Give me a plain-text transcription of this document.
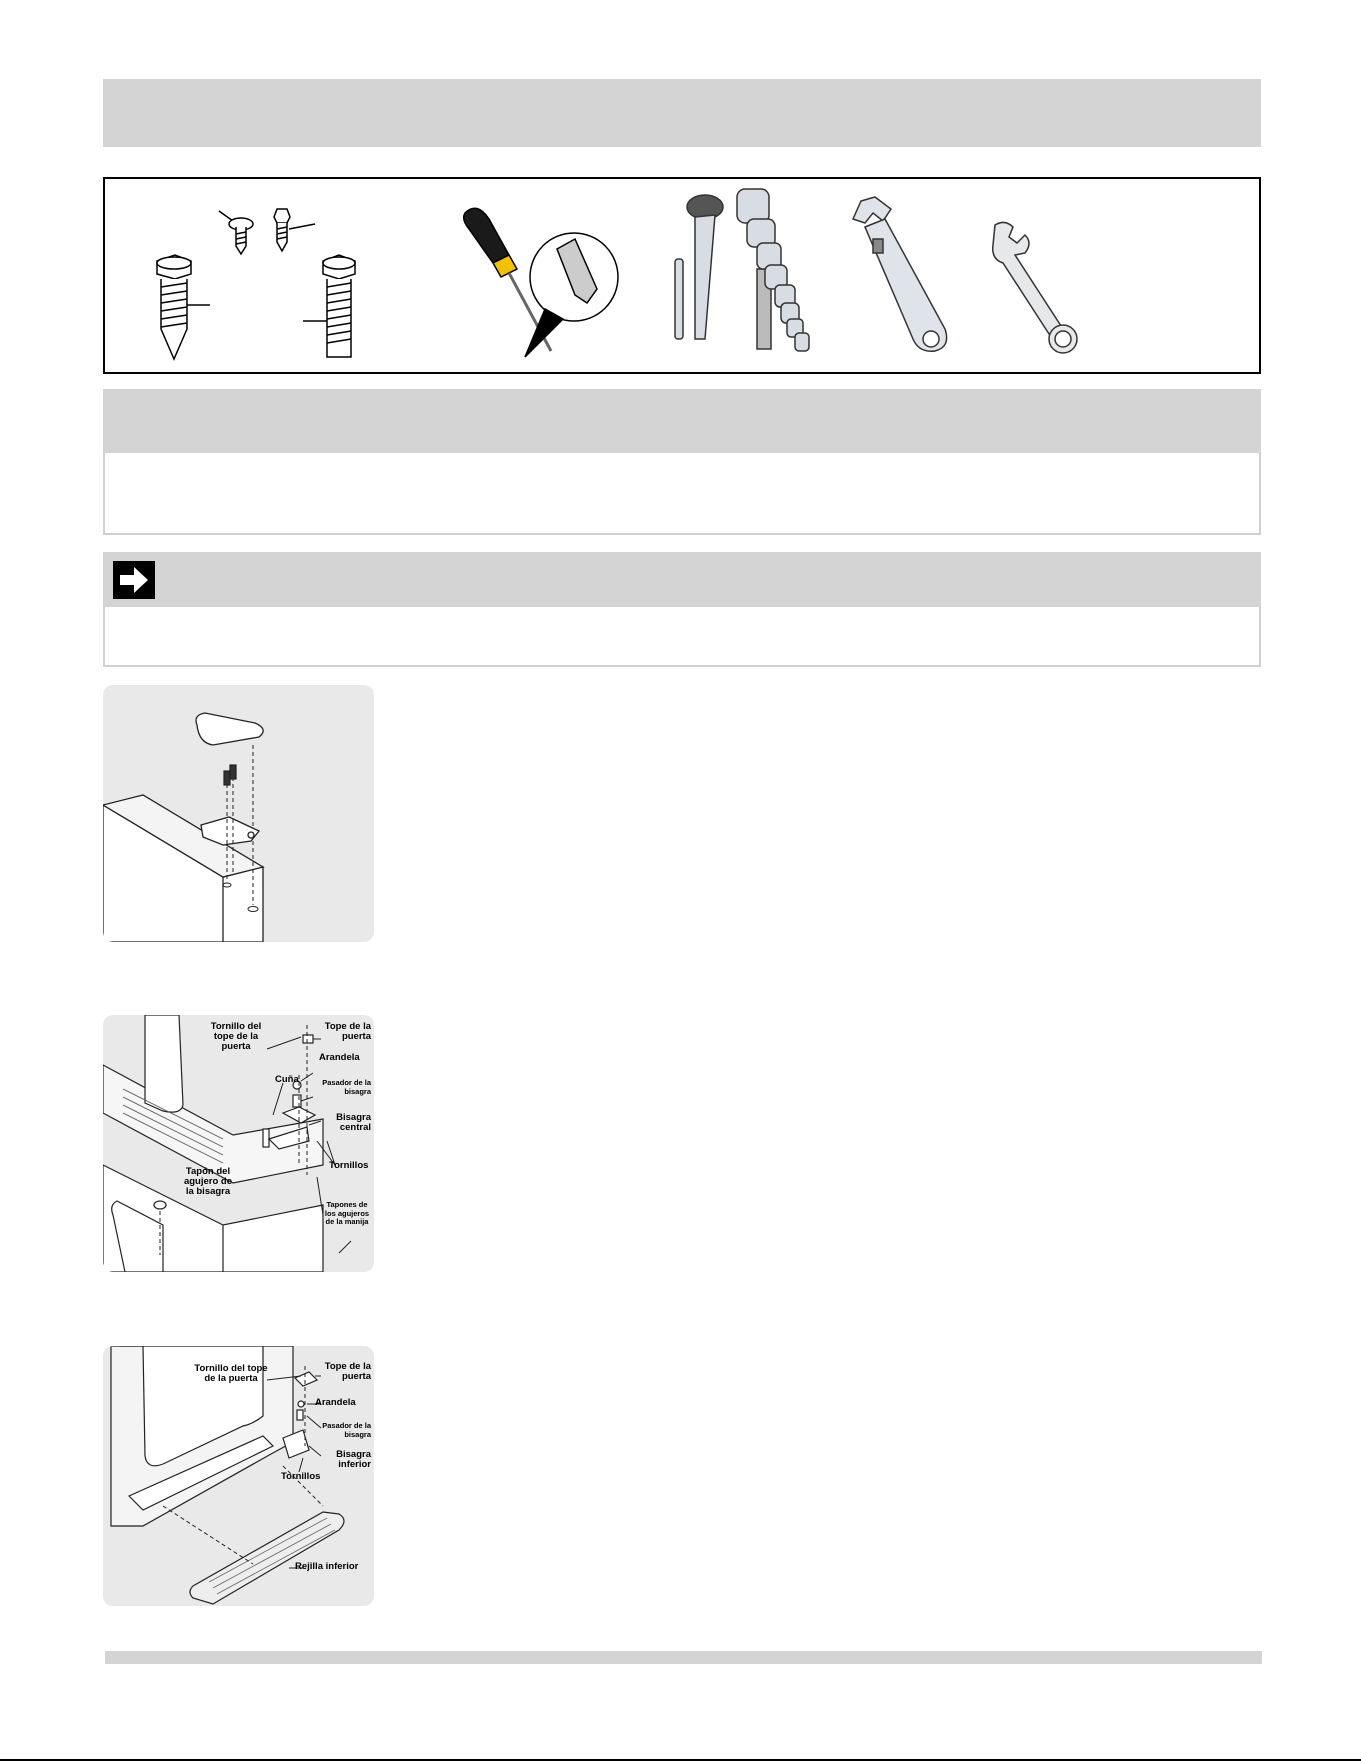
Tornillo del tope de la puerta
Tope de la puerta
Arandela
Cuña	Pasador de la bisagra
Bisagra central
Tornillos
Tapón del agujero de la bisagra
Tapones de los agujeros de la manija
Tornillo del tope de la puerta
Tope de la puerta
Arandela
Pasador de la bisagra
Bisagra inferior
Tornillos
Rejilla inferior
